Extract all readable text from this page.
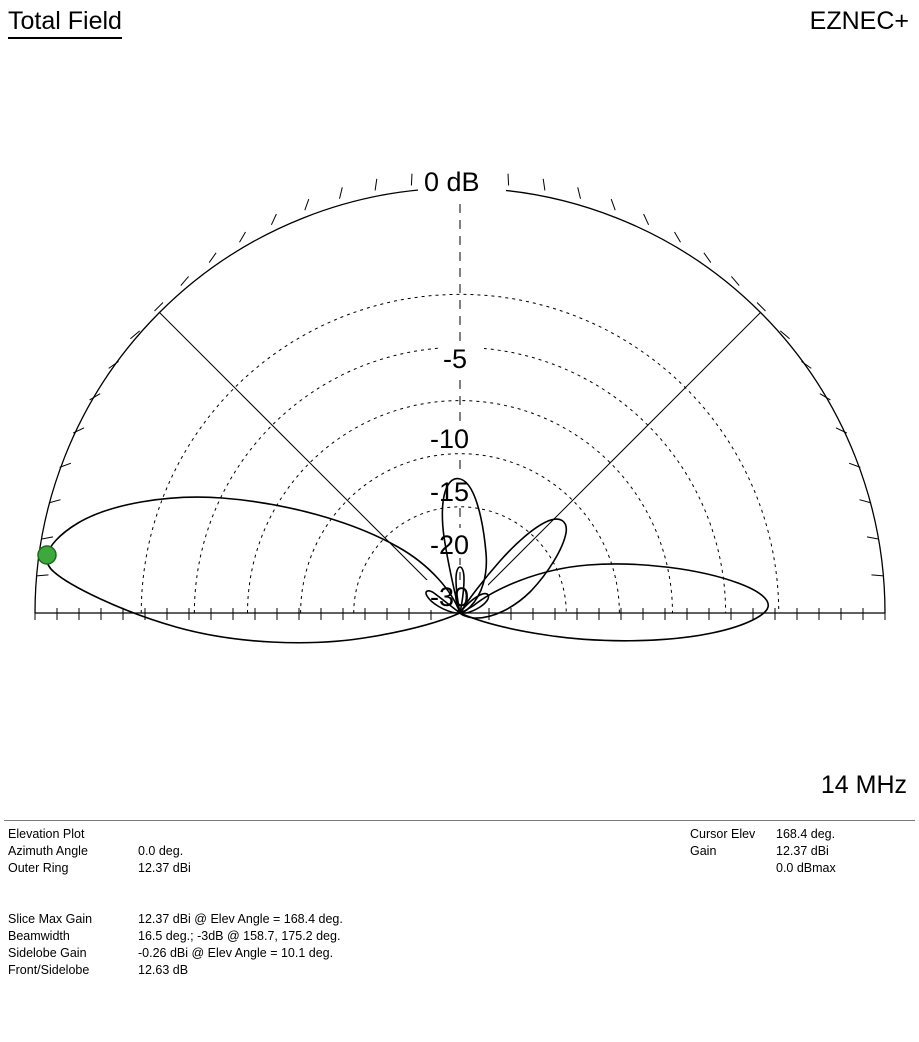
Total Field	EZNEC+
0 dB
-5
-10
-15
-20
-30
14 MHz
Elevation Plot
Azimuth Angle	0.0 deg.
Outer Ring	12.37 dBi
Slice Max Gain	12.37 dBi @ Elev Angle = 168.4 deg.
Beamwidth	16.5 deg.; -3dB @ 158.7, 175.2 deg.
Sidelobe Gain	-0.26 dBi @ Elev Angle = 10.1 deg.
Front/Sidelobe	12.63 dB
Cursor Elev	168.4 deg.
Gain	12.37 dBi
0.0 dBmax
